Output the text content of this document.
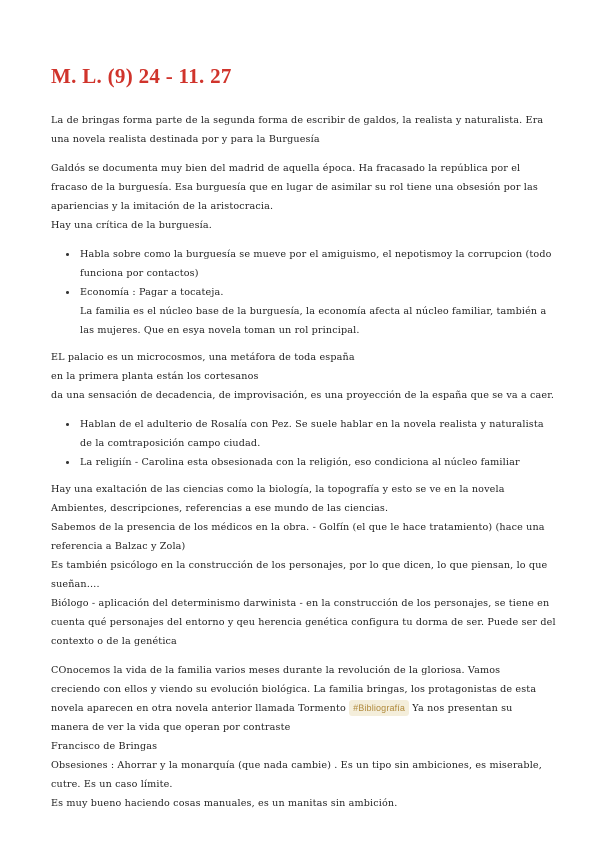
M. L. (9) 24 - 11. 27

La de bringas forma parte de la segunda forma de escribir de galdos, la realista y naturalista. Era
una novela realista destinada por y para la Burguesía

Galdós se documenta muy bien del madrid de aquella época. Ha fracasado la república por el
fracaso de la burguesía. Esa burguesía que en lugar de asimilar su rol tiene una obsesión por las
apariencias y la imitación de la aristocracia.
Hay una crítica de la burguesía.

Habla sobre como la burguesía se mueve por el amiguismo, el nepotismoy la corrupcion (todo
funciona por contactos)
Economía : Pagar a tocateja.
La familia es el núcleo base de la burguesía, la economía afecta al núcleo familiar, también a
las mujeres. Que en esya novela toman un rol principal.

EL palacio es un microcosmos, una metáfora de toda españa
en la primera planta están los cortesanos
da una sensación de decadencia, de improvisación, es una proyección de la españa que se va a caer.

Hablan de el adulterio de Rosalía con Pez. Se suele hablar en la novela realista y naturalista
de la comtraposición campo ciudad.
La religiín - Carolina esta obsesionada con la religión, eso condiciona al núcleo familiar

Hay una exaltación de las ciencias como la biología, la topografía y esto se ve en la novela
Ambientes, descripciones, referencias a ese mundo de las ciencias.
Sabemos de la presencia de los médicos en la obra. - Golfín (el que le hace tratamiento) (hace una
referencia a Balzac y Zola)
Es también psicólogo en la construcción de los personajes, por lo que dicen, lo que piensan, lo que
sueñan….
Biólogo - aplicación del determinismo darwinista - en la construcción de los personajes, se tiene en
cuenta qué personajes del entorno y qeu herencia genética configura tu dorma de ser. Puede ser del
contexto o de la genética

COnocemos la vida de la familia varios meses durante la revolución de la gloriosa. Vamos
creciendo con ellos y viendo su evolución biológica. La familia bringas, los protagonistas de esta
novela aparecen en otra novela anterior llamada Tormento #Bibliografía Ya nos presentan su
manera de ver la vida que operan por contraste
Francisco de Bringas
Obsesiones : Ahorrar y la monarquía (que nada cambie) . Es un tipo sin ambiciones, es miserable,
cutre. Es un caso límite.
Es muy bueno haciendo cosas manuales, es un manitas sin ambición.
